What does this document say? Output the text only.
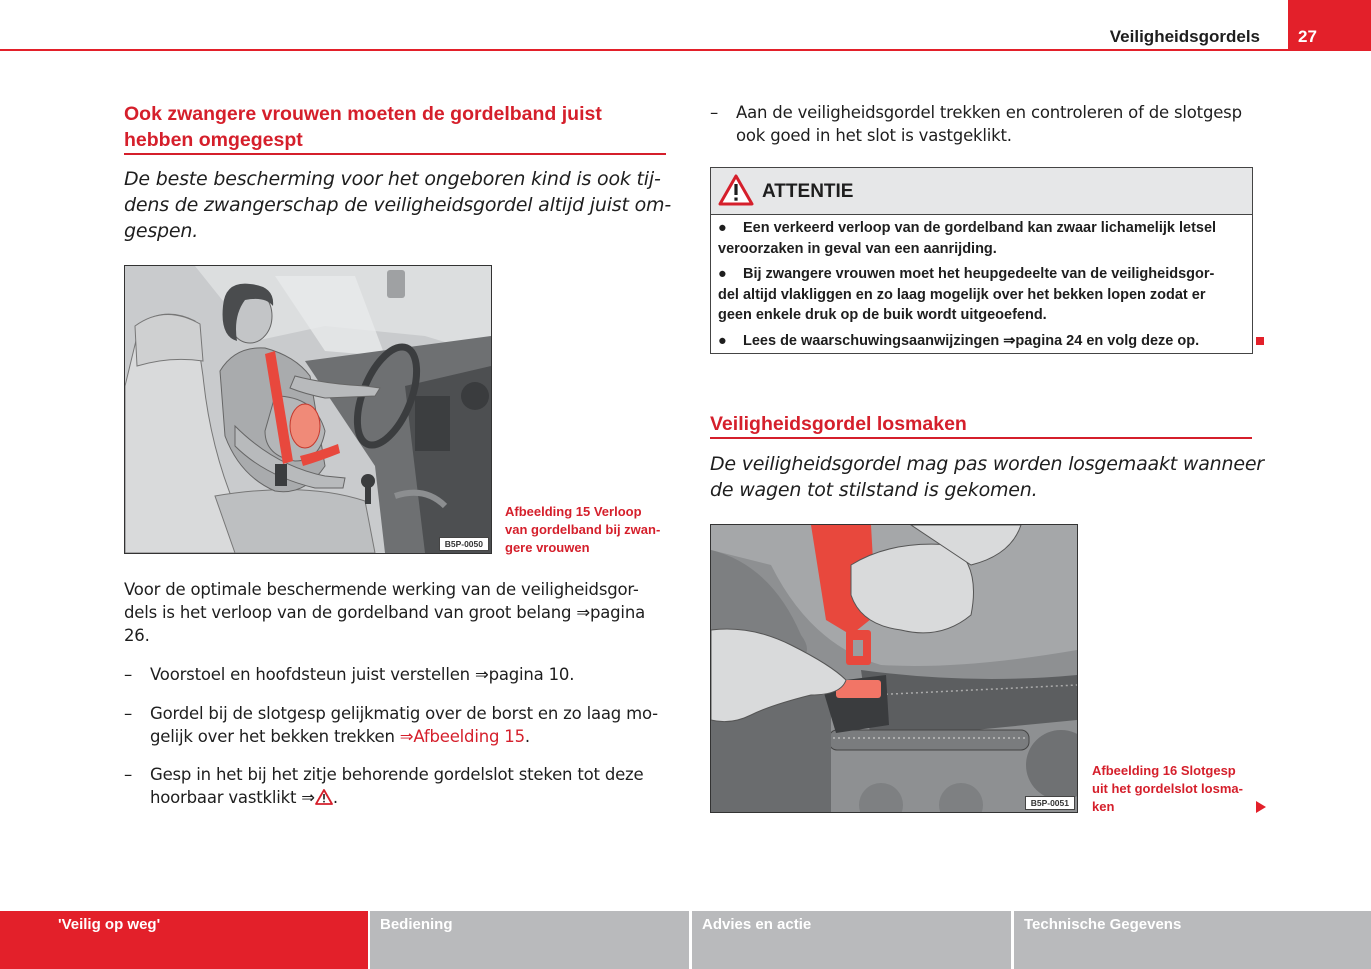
Veiligheidsgordels 27
Ook zwangere vrouwen moeten de gordelband juist hebben omgegespt
De beste bescherming voor het ongeboren kind is ook tij-
dens de zwangerschap de veiligheidsgordel altijd juist om-
gespen.
B5P-0050
Afbeelding 15 Verloop
van gordelband bij zwan-
gere vrouwen
Voor de optimale beschermende werking van de veiligheidsgor-
dels is het verloop van de gordelband van groot belang ⇒pagina
26.
– Voorstoel en hoofdsteun juist verstellen ⇒pagina 10.
– Gordel bij de slotgesp gelijkmatig over de borst en zo laag mo-
gelijk over het bekken trekken ⇒Afbeelding 15.
– Gesp in het bij het zitje behorende gordelslot steken tot deze
hoorbaar vastklikt ⇒ .
– Aan de veiligheidsgordel trekken en controleren of de slotgesp
ook goed in het slot is vastgeklikt.
ATTENTIE
● Een verkeerd verloop van de gordelband kan zwaar lichamelijk letsel
veroorzaken in geval van een aanrijding.
● Bij zwangere vrouwen moet het heupgedeelte van de veiligheidsgor-
del altijd vlakliggen en zo laag mogelijk over het bekken lopen zodat er
geen enkele druk op de buik wordt uitgeoefend.
● Lees de waarschuwingsaanwijzingen ⇒pagina 24 en volg deze op.
Veiligheidsgordel losmaken
De veiligheidsgordel mag pas worden losgemaakt wanneer
de wagen tot stilstand is gekomen.
B5P-0051
Afbeelding 16 Slotgesp
uit het gordelslot losma-
ken
'Veilig op weg'	Bediening	Advies en actie	Technische Gegevens
